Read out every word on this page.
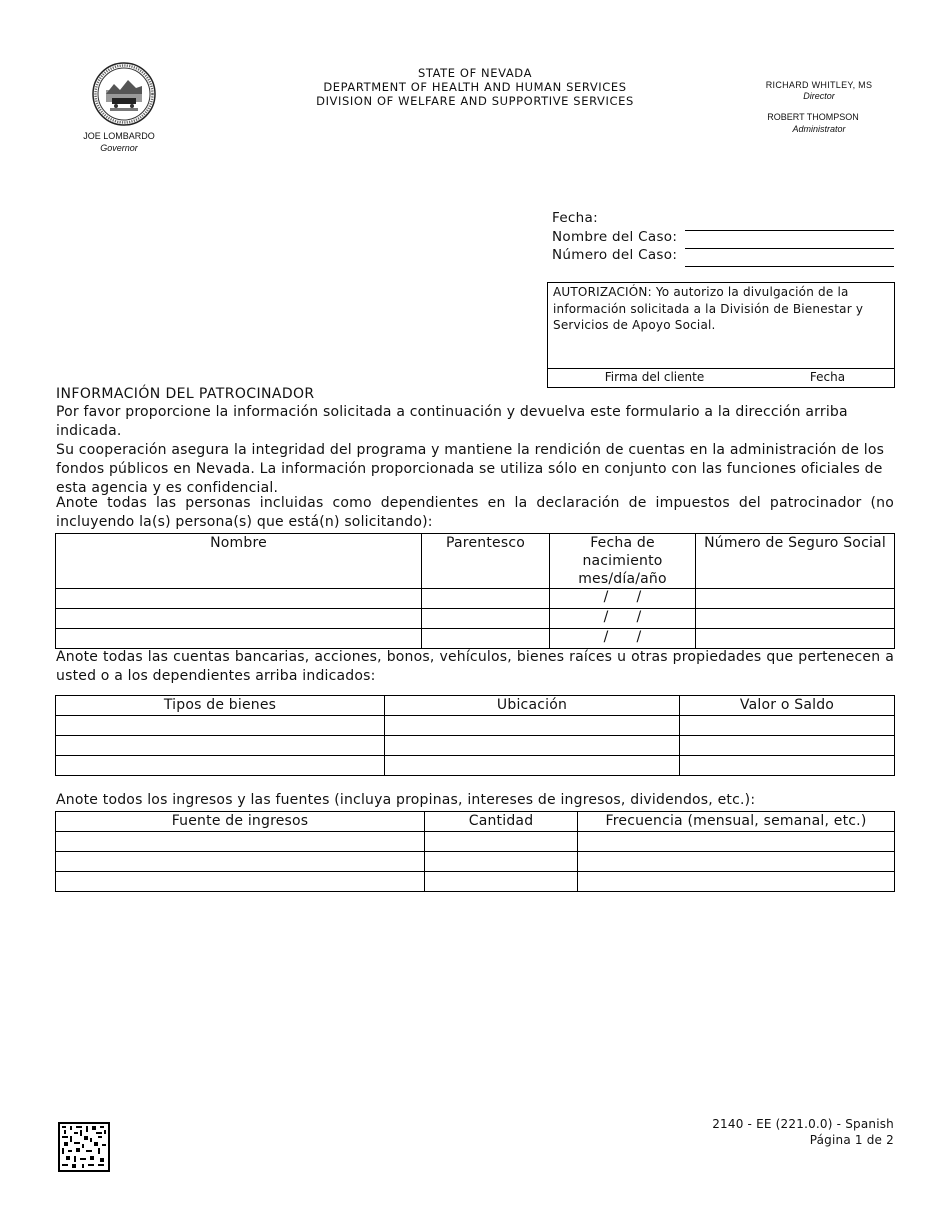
JOE LOMBARDO
Governor
STATE OF NEVADA
DEPARTMENT OF HEALTH AND HUMAN SERVICES
DIVISION OF WELFARE AND SUPPORTIVE SERVICES
RICHARD WHITLEY, MS
Director
ROBERT THOMPSON
Administrator
Fecha:
Nombre del Caso:
Número del Caso:
AUTORIZACIÓN: Yo autorizo la divulgación de la información solicitada a la División de Bienestar y Servicios de Apoyo Social.
Firma del cliente	Fecha
INFORMACIÓN DEL PATROCINADOR

Por favor proporcione la información solicitada a continuación y devuelva este formulario a la dirección arriba indicada.

Su cooperación asegura la integridad del programa y mantiene la rendición de cuentas en la administración de los fondos públicos en Nevada. La información proporcionada se utiliza sólo en conjunto con las funciones oficiales de esta agencia y es confidencial.

Anote todas las personas incluidas como dependientes en la declaración de impuestos del patrocinador (no incluyendo la(s) persona(s) que está(n) solicitando):
Nombre	Parentesco	Fecha de nacimiento mes/día/año	Número de Seguro Social
		/      /	
		/      /	
		/      /	
Anote todas las cuentas bancarias, acciones, bonos, vehículos, bienes raíces u otras propiedades que pertenecen a usted o a los dependientes arriba indicados:
Tipos de bienes	Ubicación	Valor o Saldo

Anote todos los ingresos y las fuentes (incluya propinas, intereses de ingresos, dividendos, etc.):
Fuente de ingresos	Cantidad	Frecuencia (mensual, semanal, etc.)

2140 - EE (221.0.0) - Spanish
Página 1 de 2
